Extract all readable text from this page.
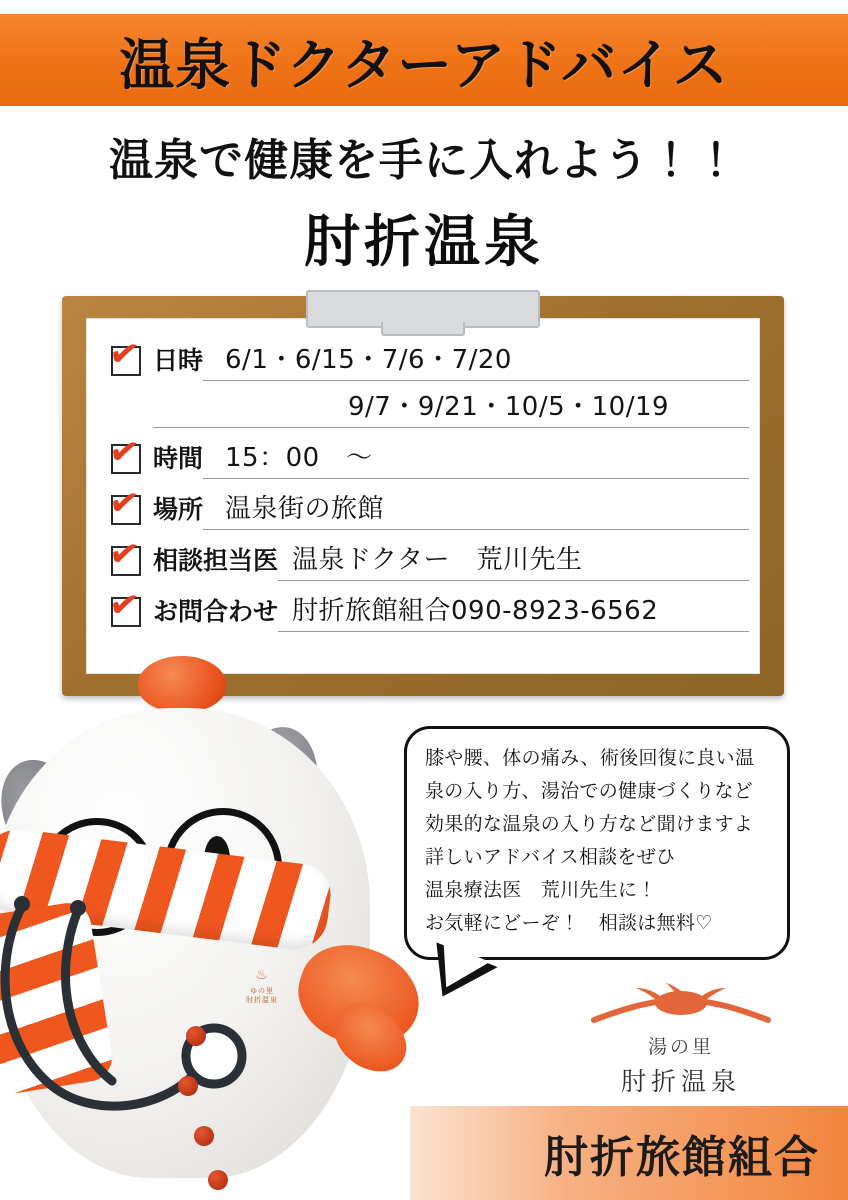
温泉ドクターアドバイス
温泉で健康を手に入れよう！！
肘折温泉
✔ 日時 6/1・6/15・7/6・7/20
9/7・9/21・10/5・10/19
✔ 時間 15：00　～
✔ 場所 温泉街の旅館
✔ 相談担当医 温泉ドクター　荒川先生
✔ お問合わせ 肘折旅館組合090-8923-6562
♨
ゆの里
肘折温泉

膝や腰、体の痛み、術後回復に良い温

泉の入り方、湯治での健康づくりなど

効果的な温泉の入り方など聞けますよ

詳しいアドバイス相談をぜひ

温泉療法医　荒川先生に！

お気軽にどーぞ！　相談は無料♡

湯の里
肘折温泉
肘折旅館組合
